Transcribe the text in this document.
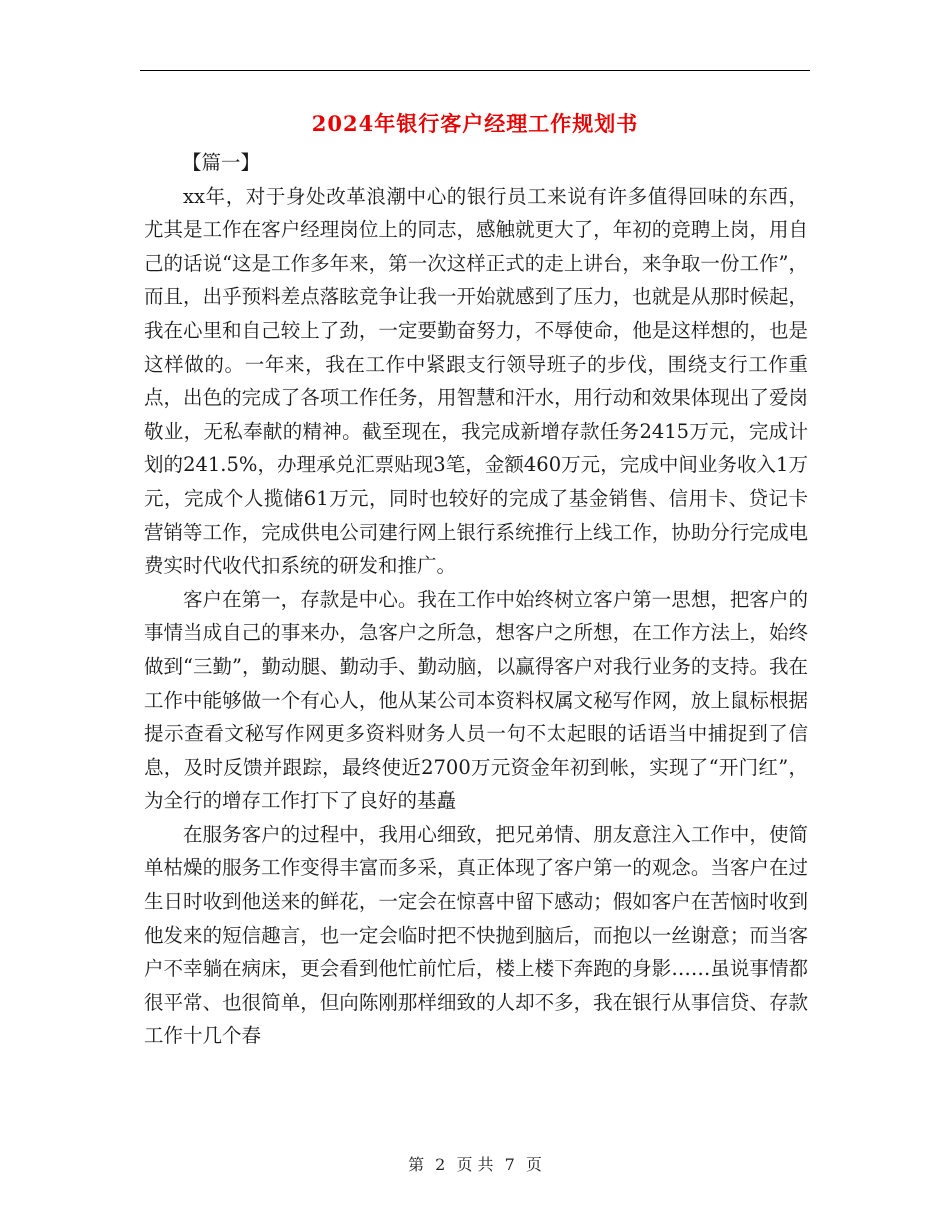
2024年银行客户经理工作规划书

【篇一】

xx年，对于身处改革浪潮中心的银行员工来说有许多值得回味的东西，尤其是工作在客户经理岗位上的同志，感触就更大了，年初的竞聘上岗，用自己的话说“这是工作多年来，第一次这样正式的走上讲台，来争取一份工作”，而且，出乎预料差点落眩竞争让我一开始就感到了压力，也就是从那时候起，我在心里和自己较上了劲，一定要勤奋努力，不辱使命，他是这样想的，也是这样做的。一年来，我在工作中紧跟支行领导班子的步伐，围绕支行工作重点，出色的完成了各项工作任务，用智慧和汗水，用行动和效果体现出了爱岗敬业，无私奉献的精神。截至现在，我完成新增存款任务2415万元，完成计划的241.5%，办理承兑汇票贴现3笔，金额460万元，完成中间业务收入1万元，完成个人揽储61万元，同时也较好的完成了基金销售、信用卡、贷记卡营销等工作，完成供电公司建行网上银行系统推行上线工作，协助分行完成电费实时代收代扣系统的研发和推广。

客户在第一，存款是中心。我在工作中始终树立客户第一思想，把客户的事情当成自己的事来办，急客户之所急，想客户之所想，在工作方法上，始终做到“三勤”，勤动腿、勤动手、勤动脑，以赢得客户对我行业务的支持。我在工作中能够做一个有心人，他从某公司本资料权属文秘写作网，放上鼠标根据提示查看文秘写作网更多资料财务人员一句不太起眼的话语当中捕捉到了信息，及时反馈并跟踪，最终使近2700万元资金年初到帐，实现了“开门红”，为全行的增存工作打下了良好的基矗

在服务客户的过程中，我用心细致，把兄弟情、朋友意注入工作中，使简单枯燥的服务工作变得丰富而多采，真正体现了客户第一的观念。当客户在过生日时收到他送来的鲜花，一定会在惊喜中留下感动；假如客户在苦恼时收到他发来的短信趣言，也一定会临时把不快抛到脑后，而抱以一丝谢意；而当客户不幸躺在病床，更会看到他忙前忙后，楼上楼下奔跑的身影……虽说事情都很平常、也很简单，但向陈刚那样细致的人却不多，我在银行从事信贷、存款工作十几个春

第 2 页 共 7 页
